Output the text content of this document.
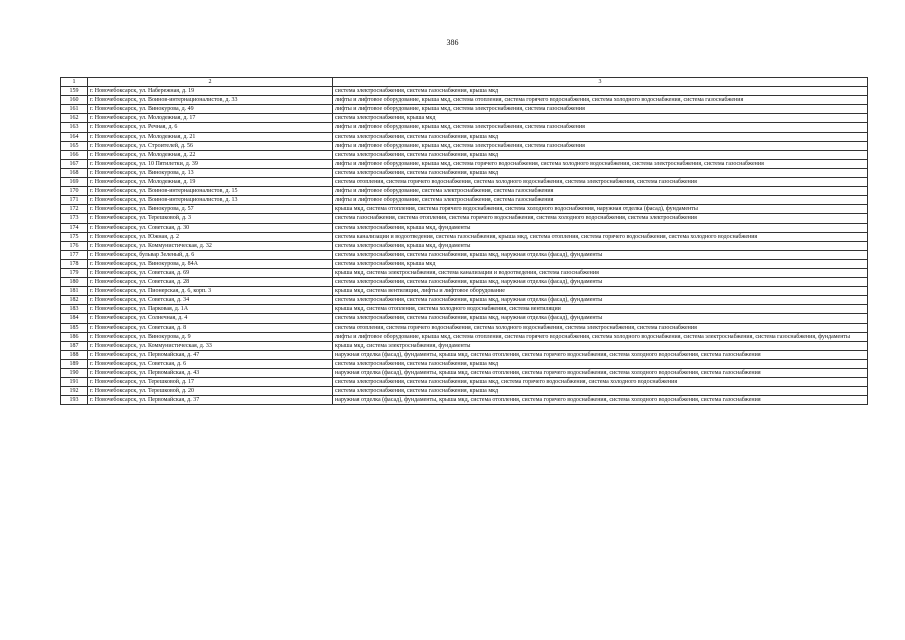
386
1	2	3
159	г. Новочебоксарск, ул. Набережная, д. 19	система электроснабжения, система газоснабжения, крыша мкд
160	г. Новочебоксарск, ул. Воинов-интернационалистов, д. 33	лифты и лифтовое оборудование, крыша мкд, система отопления, система горячего водоснабжения, система холодного водоснабжения, система газоснабжения
161	г. Новочебоксарск, ул. Винокурова, д. 49	лифты и лифтовое оборудование, крыша мкд, система электроснабжения, система газоснабжения
162	г. Новочебоксарск, ул. Молодежная, д. 17	система электроснабжения, крыша мкд
163	г. Новочебоксарск, ул. Речная, д. 6	лифты и лифтовое оборудование, крыша мкд, система электроснабжения, система газоснабжения
164	г. Новочебоксарск, ул. Молодежная, д. 21	система электроснабжения, система газоснабжения, крыша мкд
165	г. Новочебоксарск, ул. Строителей, д. 56	лифты и лифтовое оборудование, крыша мкд, система электроснабжения, система газоснабжения
166	г. Новочебоксарск, ул. Молодежная, д. 22	система электроснабжения, система газоснабжения, крыша мкд
167	г. Новочебоксарск, ул. 10 Пятилетки, д. 39	лифты и лифтовое оборудование, крыша мкд, система горячего водоснабжения, система холодного водоснабжения, система электроснабжения, система газоснабжения
168	г. Новочебоксарск, ул. Винокурова, д. 13	система электроснабжения, система газоснабжения, крыша мкд
169	г. Новочебоксарск, ул. Молодежная, д. 19	система отопления, система горячего водоснабжения, система холодного водоснабжения, система электроснабжения, система газоснабжения
170	г. Новочебоксарск, ул. Воинов-интернационалистов, д. 15	лифты и лифтовое оборудование, система электроснабжения, система газоснабжения
171	г. Новочебоксарск, ул. Воинов-интернационалистов, д. 13	лифты и лифтовое оборудование, система электроснабжения, система газоснабжения
172	г. Новочебоксарск, ул. Винокурова, д. 57	крыша мкд, система отопления, система горячего водоснабжения, система холодного водоснабжения, наружная отделка (фасад), фундаменты
173	г. Новочебоксарск, ул. Терешковой, д. 3	система газоснабжения, система отопления, система горячего водоснабжения, система холодного водоснабжения, система электроснабжения
174	г. Новочебоксарск, ул. Советская, д. 30	система электроснабжения, крыша мкд, фундаменты
175	г. Новочебоксарск, ул. Южная, д. 2	система канализации и водоотведения, система газоснабжения, крыша мкд, система отопления, система горячего водоснабжения, система холодного водоснабжения
176	г. Новочебоксарск, ул. Коммунистическая, д. 32	система электроснабжения, крыша мкд, фундаменты
177	г. Новочебоксарск, бульвар Зеленый, д. 6	система электроснабжения, система газоснабжения, крыша мкд, наружная отделка (фасад), фундаменты
178	г. Новочебоксарск, ул. Винокурова, д. 84А	система электроснабжения, крыша мкд
179	г. Новочебоксарск, ул. Советская, д. 69	крыша мкд, система электроснабжения, система канализации и водоотведения, система газоснабжения
180	г. Новочебоксарск, ул. Советская, д. 28	система электроснабжения, система газоснабжения, крыша мкд, наружная отделка (фасад), фундаменты
181	г. Новочебоксарск, ул. Пионерская, д. 6, корп. 3	крыша мкд, система вентиляции, лифты и лифтовое оборудование
182	г. Новочебоксарск, ул. Советская, д. 34	система электроснабжения, система газоснабжения, крыша мкд, наружная отделка (фасад), фундаменты
183	г. Новочебоксарск, ул. Парковая, д. 1А	крыша мкд, система отопления, система холодного водоснабжения, система вентиляции
184	г. Новочебоксарск, ул. Солнечная, д. 4	система электроснабжения, система газоснабжения, крыша мкд, наружная отделка (фасад), фундаменты
185	г. Новочебоксарск, ул. Советская, д. 8	система отопления, система горячего водоснабжения, система холодного водоснабжения, система электроснабжения, система газоснабжения
186	г. Новочебоксарск, ул. Винокурова, д. 9	лифты и лифтовое оборудование, крыша мкд, система отопления, система горячего водоснабжения, система холодного водоснабжения, система электроснабжения, система газоснабжения, фундаменты
187	г. Новочебоксарск, ул. Коммунистическая, д. 33	крыша мкд, система электроснабжения, фундаменты
188	г. Новочебоксарск, ул. Первомайская, д. 47	наружная отделка (фасад), фундаменты, крыша мкд, система отопления, система горячего водоснабжения, система холодного водоснабжения, система газоснабжения
189	г. Новочебоксарск, ул. Советская, д. 6	система электроснабжения, система газоснабжения, крыша мкд
190	г. Новочебоксарск, ул. Первомайская, д. 43	наружная отделка (фасад), фундаменты, крыша мкд, система отопления, система горячего водоснабжения, система холодного водоснабжения, система газоснабжения
191	г. Новочебоксарск, ул. Терешковой, д. 17	система электроснабжения, система газоснабжения, крыша мкд, система горячего водоснабжения, система холодного водоснабжения
192	г. Новочебоксарск, ул. Терешковой, д. 20	система электроснабжения, система газоснабжения, крыша мкд
193	г. Новочебоксарск, ул. Первомайская, д. 37	наружная отделка (фасад), фундаменты, крыша мкд, система отопления, система горячего водоснабжения, система холодного водоснабжения, система газоснабжения
